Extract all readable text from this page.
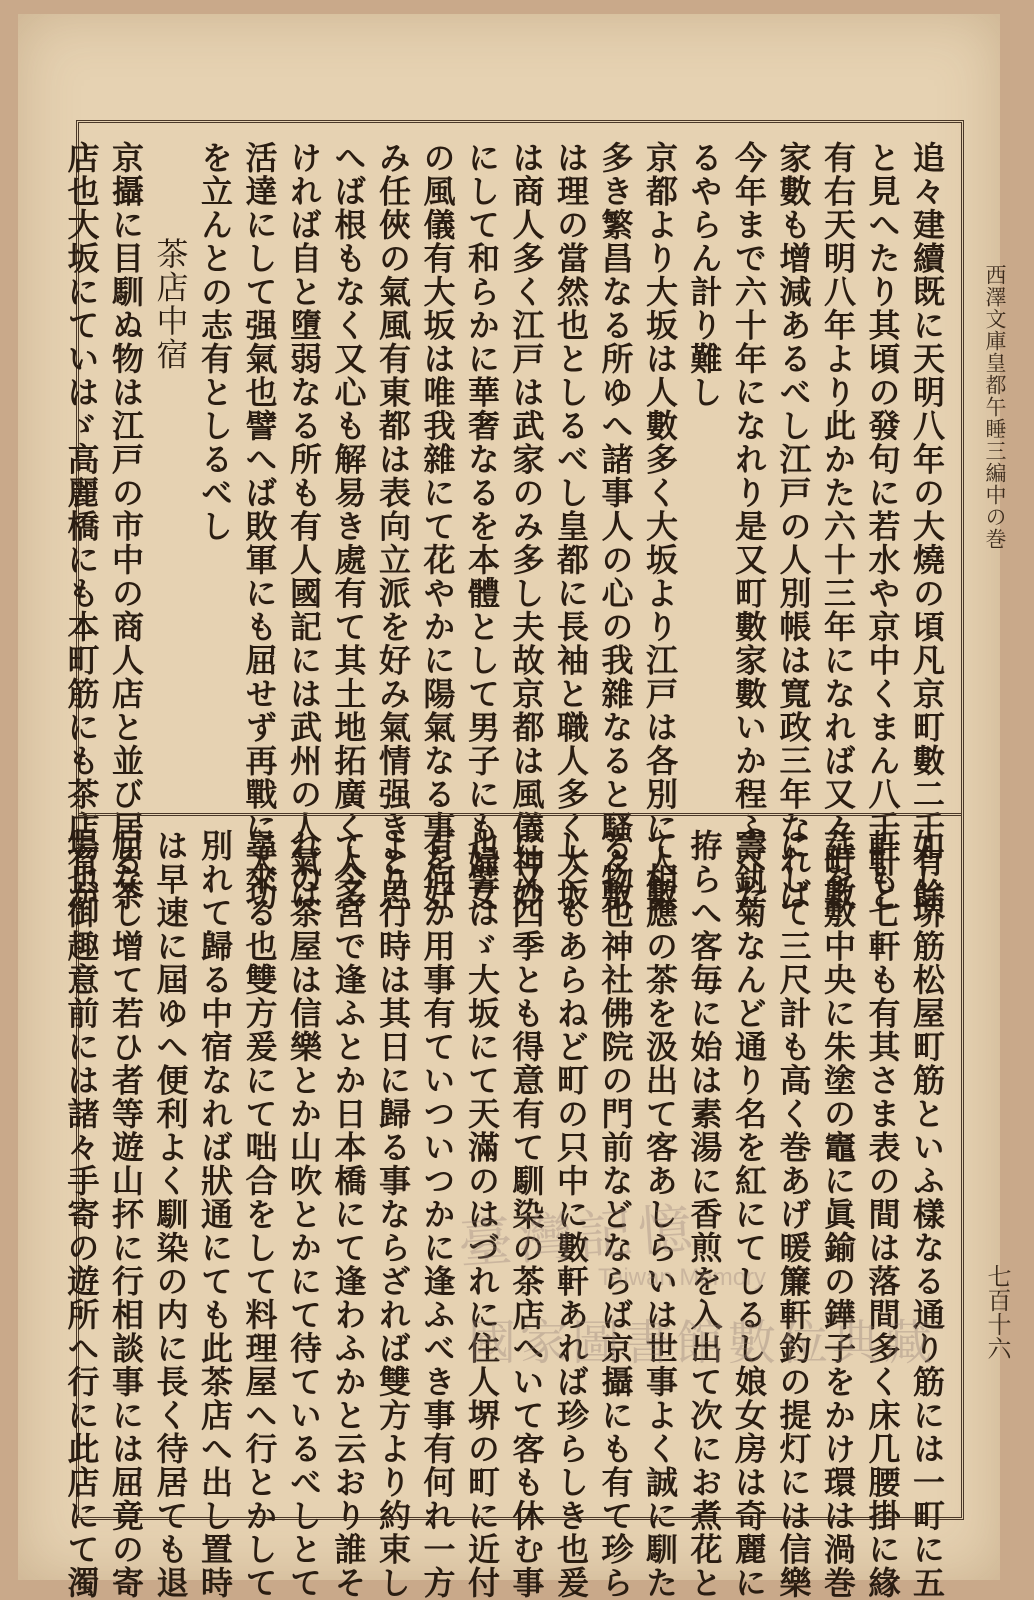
西澤文庫皇都午睡三編中の巻
七百十六
追々建續既に天明八年の大燒の頃凡京町數二千有餘
と見へたり其頃の發句に若水や京中くまん八千軒と
有右天明八年より此かた六十三年になれば又々町數
家數も增減あるべし江戸の人別帳は寬政三年なれば
今年まで六十年になれり是又町數家數いか程ふへた
るやらん計り難し
京都より大坂は人數多く大坂より江戸は各別に人數
多き繁昌なる所ゆへ諸事人の心の我雜なると騷々敷
は理の當然也としるべし皇都に長袖と職人多く大坂
は商人多く江戸は武家のみ多し夫故京都は風儀神妙
にして和らかに華奢なるを本體として男子にも婦女
の風儀有大坂は唯我雜にて花やかに陽氣なる事を好
み任俠の氣風有東都は表向立派を好み氣情强きと思
へば根もなく又心も解易き處有て其土地拓廣く人多
ければ自と墮弱なる所も有人國記には武州の人氣は
活達にして强氣也譬へば敗軍にも屈せず再戰に大功
を立んとの志有としるべし
茶店中宿
京攝に目馴ぬ物は江戸の市中の商人店と並び居る茶
店也大坂にていはゞ高麗橋にも本町筋にも茶店有が
如し堺筋松屋町筋といふ樣なる通り筋には一町に五
軒も七軒も有其さま表の間は落間多く床几腰掛に緣
莚を敷中央に朱塗の竈に眞鍮の鏵子をかけ環は渦巻
にして三尺計も高く巻あげ暖簾軒釣の提灯には信樂
壽釻菊なんど通り名を紅にてしるし娘女房は奇麗に
拵らへ客毎に始は素湯に香煎を入出て次にお煮花と
て相應の茶を汲出て客あしらいは世事よく誠に馴た
る物也神社佛院の門前などならば京攝にも有て珍ら
しくもあらねど町の只中に數軒あれば珍らしき也爰
に又四季とも得意有て馴染の茶店へいて客も休む事
也譬はゞ大坂にて天滿のはづれに住人堺の町に近付
有何か用事有ていついつかに逢ふべき事有何れ一方
より行時は其日に歸る事ならざれば雙方より約束し
て今宮で逢ふとか日本橋にて逢わふかと云おり誰そ
れの茶屋は信樂とか山吹とかにて待ているべしとて
尋來る也雙方爰にて咄合をして料理屋へ行とかして
別れて歸る中宿なれば狀通にても此茶店へ出し置時
は早速に屆ゆへ便利よく馴染の内に長く待居ても退
屈なし增て若ひ者等遊山抔に行相談事には屈竟の寄
場也御趣意前には諸々手寄の遊所へ行に此店にて濁	臺灣記憶
Taiwan Memory
國家圖書館數位典藏
